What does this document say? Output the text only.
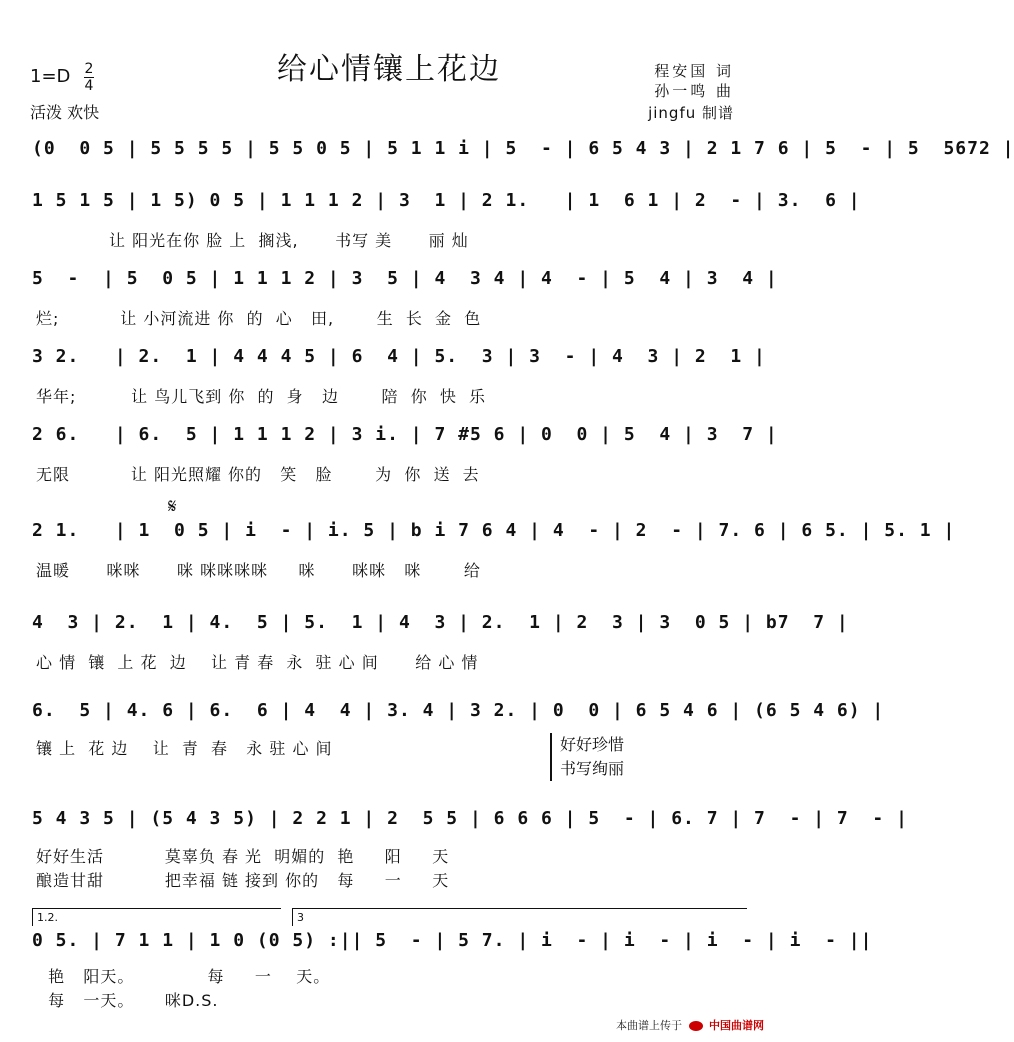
给心情镶上花边
1=D 2
4
活泼 欢快
程安国 词
孙一鸣 曲
jingfu 制谱
(0  0 5 | 5 5 5 5 | 5 5 0 5 | 5 1 1 i | 5  - | 6 5 4 3 | 2 1 7 6 | 5  - | 5  5672 |
1 5 1 5 | 1 5) 0 5 | 1 1 1 2 | 3  1 | 2 1.   | 1  6 1 | 2  - | 3.  6 |
让 阳光在你 脸 上  搁浅,      书写 美      丽 灿
5  -  | 5  0 5 | 1 1 1 2 | 3  5 | 4  3 4 | 4  - | 5  4 | 3  4 |
烂;          让 小河流进 你  的  心   田,       生  长  金  色
3 2.   | 2.  1 | 4 4 4 5 | 6  4 | 5.  3 | 3  - | 4  3 | 2  1 |
华年;         让 鸟儿飞到 你  的  身   边       陪  你  快  乐
2 6.   | 6.  5 | 1 1 1 2 | 3 i. | 7 #5 6 | 0  0 | 5  4 | 3  7 |
无限          让 阳光照耀 你的   笑   脸       为  你  送  去
2 1.   | 1  0 5 | i  - | i. 5 | b i 7 6 4 | 4  - | 2  - | 7. 6 | 6 5. | 5. 1 |
温暖      咪咪      咪 咪咪咪咪     咪      咪咪   咪       给
4  3 | 2.  1 | 4.  5 | 5.  1 | 4  3 | 2.  1 | 2  3 | 3  0 5 | b7  7 |
心 情  镶  上 花  边    让 青 春  永  驻 心 间      给 心 情
6.  5 | 4. 6 | 6.  6 | 4  4 | 3. 4 | 3 2. | 0  0 | 6 5 4 6 | (6 5 4 6) |
镶 上  花 边    让  青  春   永 驻 心 间
5 4 3 5 | (5 4 3 5) | 2 2 1 | 2  5 5 | 6 6 6 | 5  - | 6. 7 | 7  - | 7  - |
好好生活          莫辜负 春 光  明媚的  艳     阳     天
酿造甘甜          把幸福 链 接到 你的   每     一     天
0 5. | 7 1 1 | 1 0 (0 5) :|| 5  - | 5 7. | i  - | i  - | i  - | i  - ||
艳   阳天。            每     一    天。
每   一天。     咪D.S.
𝄋
好好珍惜
书写绚丽
1.2.	3
本曲谱上传于 中国曲谱网
